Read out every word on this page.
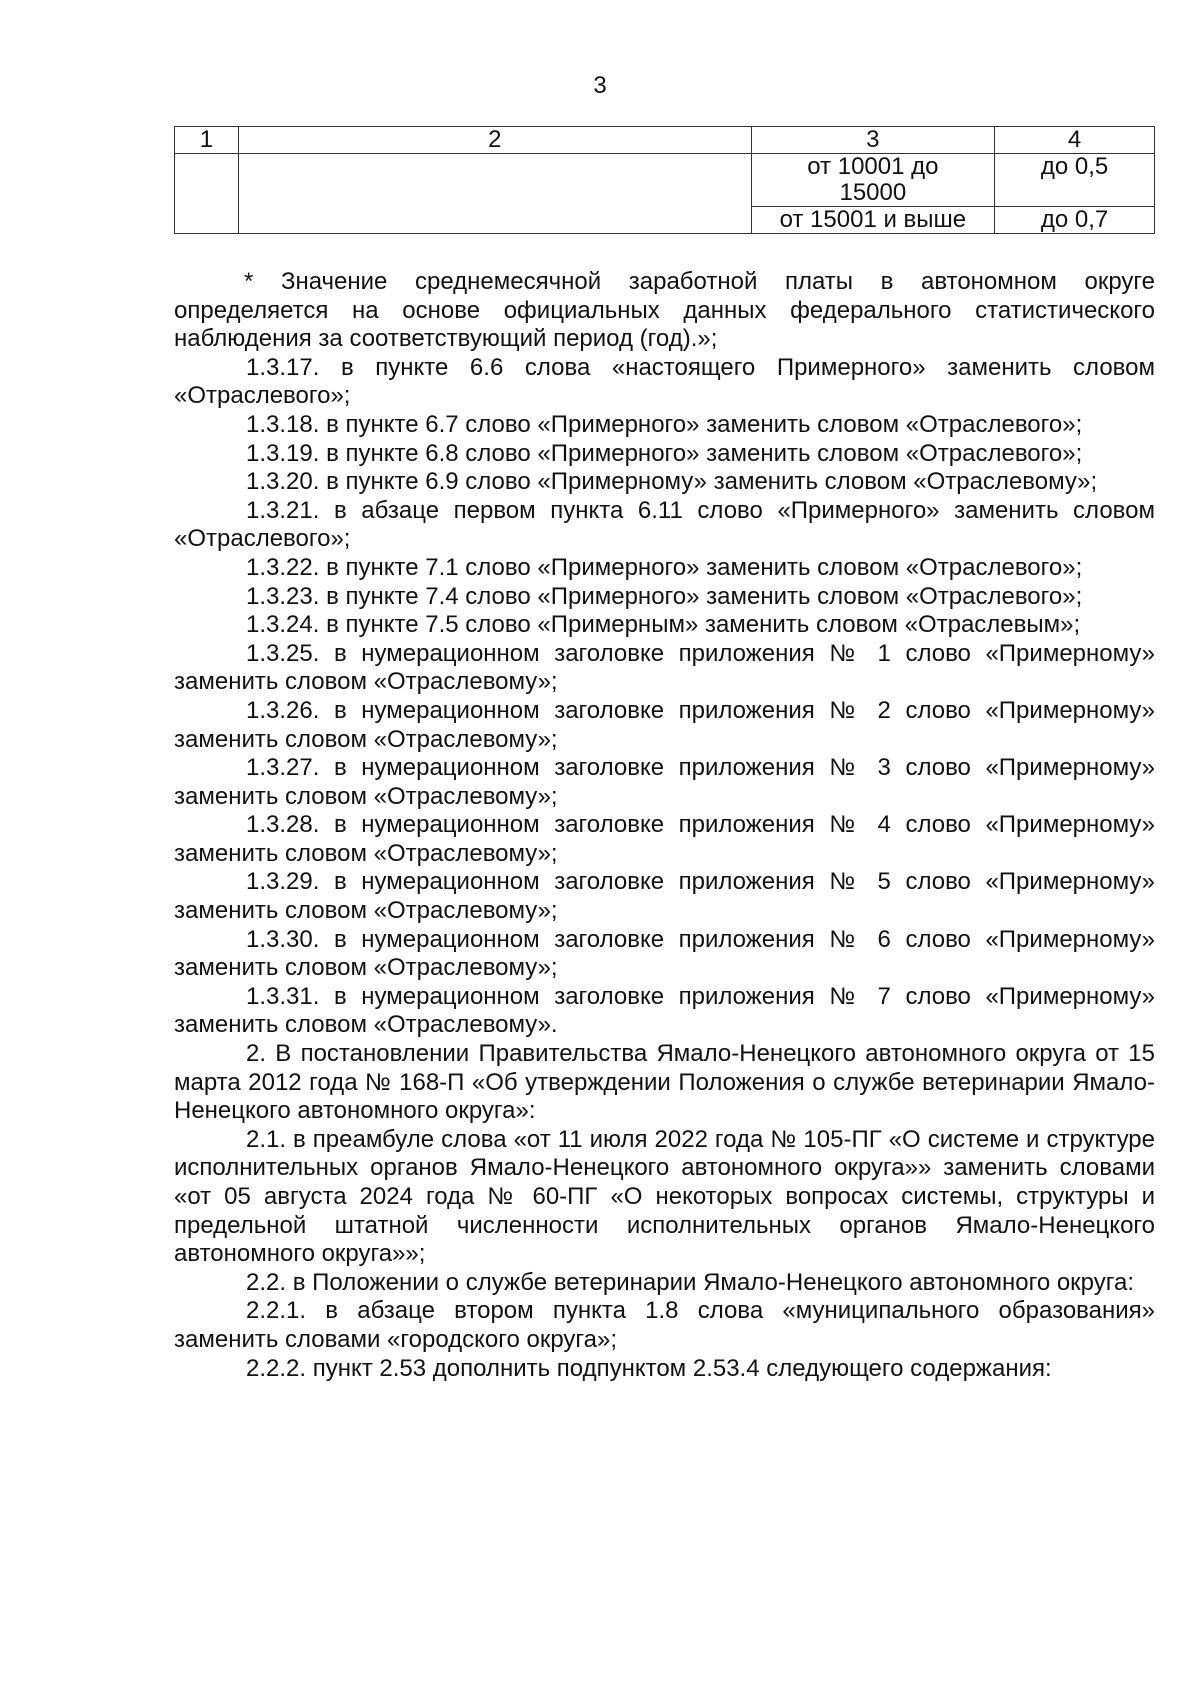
3
1	2	3	4
		от 10001 до 15000	до 0,5
		от 15001 и выше	до 0,7

* Значение среднемесячной заработной платы в автономном округе определяется на основе официальных данных федерального статистического наблюдения за соответствующий период (год).»;

1.3.17. в пункте 6.6 слова «настоящего Примерного» заменить словом «Отраслевого»;

1.3.18. в пункте 6.7 слово «Примерного» заменить словом «Отраслевого»;

1.3.19. в пункте 6.8 слово «Примерного» заменить словом «Отраслевого»;

1.3.20. в пункте 6.9 слово «Примерному» заменить словом «Отраслевому»;

1.3.21. в абзаце первом пункта 6.11 слово «Примерного» заменить словом «Отраслевого»;

1.3.22. в пункте 7.1 слово «Примерного» заменить словом «Отраслевого»;

1.3.23. в пункте 7.4 слово «Примерного» заменить словом «Отраслевого»;

1.3.24. в пункте 7.5 слово «Примерным» заменить словом «Отраслевым»;

1.3.25. в нумерационном заголовке приложения № 1 слово «Примерному» заменить словом «Отраслевому»;

1.3.26. в нумерационном заголовке приложения № 2 слово «Примерному» заменить словом «Отраслевому»;

1.3.27. в нумерационном заголовке приложения № 3 слово «Примерному» заменить словом «Отраслевому»;

1.3.28. в нумерационном заголовке приложения № 4 слово «Примерному» заменить словом «Отраслевому»;

1.3.29. в нумерационном заголовке приложения № 5 слово «Примерному» заменить словом «Отраслевому»;

1.3.30. в нумерационном заголовке приложения № 6 слово «Примерному» заменить словом «Отраслевому»;

1.3.31. в нумерационном заголовке приложения № 7 слово «Примерному» заменить словом «Отраслевому».

2. В постановлении Правительства Ямало-Ненецкого автономного округа от 15 марта 2012 года № 168-П «Об утверждении Положения о службе ветеринарии Ямало-Ненецкого автономного округа»:

2.1. в преамбуле слова «от 11 июля 2022 года № 105-ПГ «О системе и структуре исполнительных органов Ямало-Ненецкого автономного округа»» заменить словами «от 05 августа 2024 года № 60-ПГ «О некоторых вопросах системы, структуры и предельной штатной численности исполнительных органов Ямало-Ненецкого автономного округа»»;

2.2. в Положении о службе ветеринарии Ямало-Ненецкого автономного округа:

2.2.1. в абзаце втором пункта 1.8 слова «муниципального образования» заменить словами «городского округа»;

2.2.2. пункт 2.53 дополнить подпунктом 2.53.4 следующего содержания:
